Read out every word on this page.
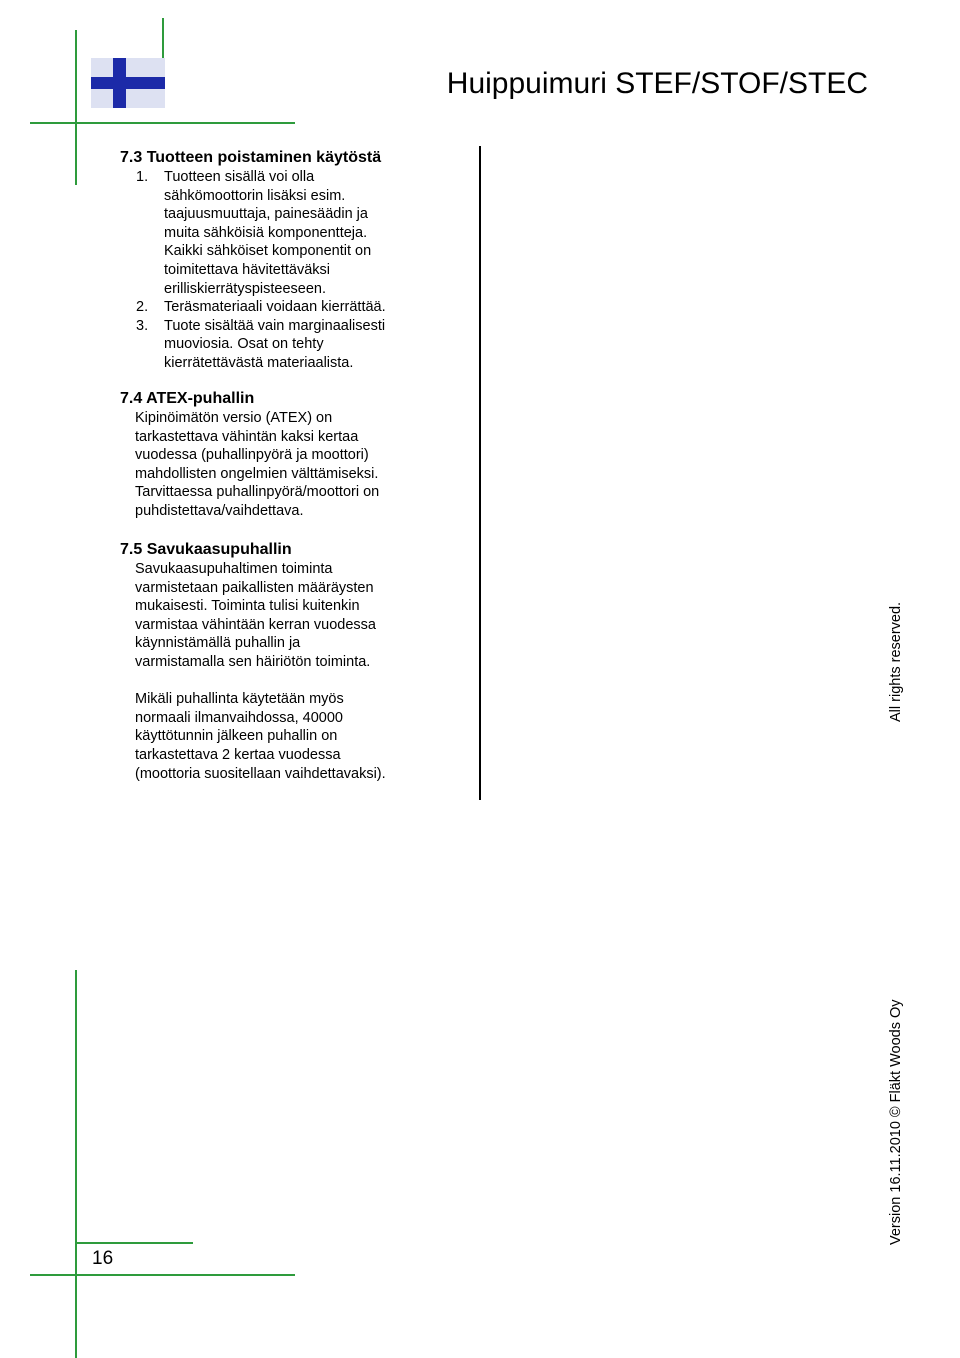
Huippuimuri STEF/STOF/STEC
7.3 Tuotteen poistaminen käytöstä
1. Tuotteen sisällä voi olla
sähkömoottorin lisäksi esim.
taajuusmuuttaja, painesäädin ja
muita sähköisiä komponentteja.
Kaikki sähköiset komponentit on
toimitettava hävitettäväksi
erilliskierrätyspisteeseen.
2. Teräsmateriaali voidaan kierrättää.
3. Tuote sisältää vain marginaalisesti
muoviosia. Osat on tehty
kierrätettävästä materiaalista.
7.4 ATEX-puhallin
Kipinöimätön versio (ATEX) on
tarkastettava vähintän kaksi kertaa
vuodessa (puhallinpyörä ja moottori)
mahdollisten ongelmien välttämiseksi.
Tarvittaessa puhallinpyörä/moottori on
puhdistettava/vaihdettava.
7.5 Savukaasupuhallin
Savukaasupuhaltimen toiminta
varmistetaan paikallisten määräysten
mukaisesti. Toiminta tulisi kuitenkin
varmistaa vähintään kerran vuodessa
käynnistämällä puhallin ja
varmistamalla sen häiriötön toiminta.
Mikäli puhallinta käytetään myös
normaali ilmanvaihdossa, 40000
käyttötunnin jälkeen puhallin on
tarkastettava 2 kertaa vuodessa
(moottoria suositellaan vaihdettavaksi).
All rights reserved.
Version 16.11.2010 © Fläkt Woods Oy
16
